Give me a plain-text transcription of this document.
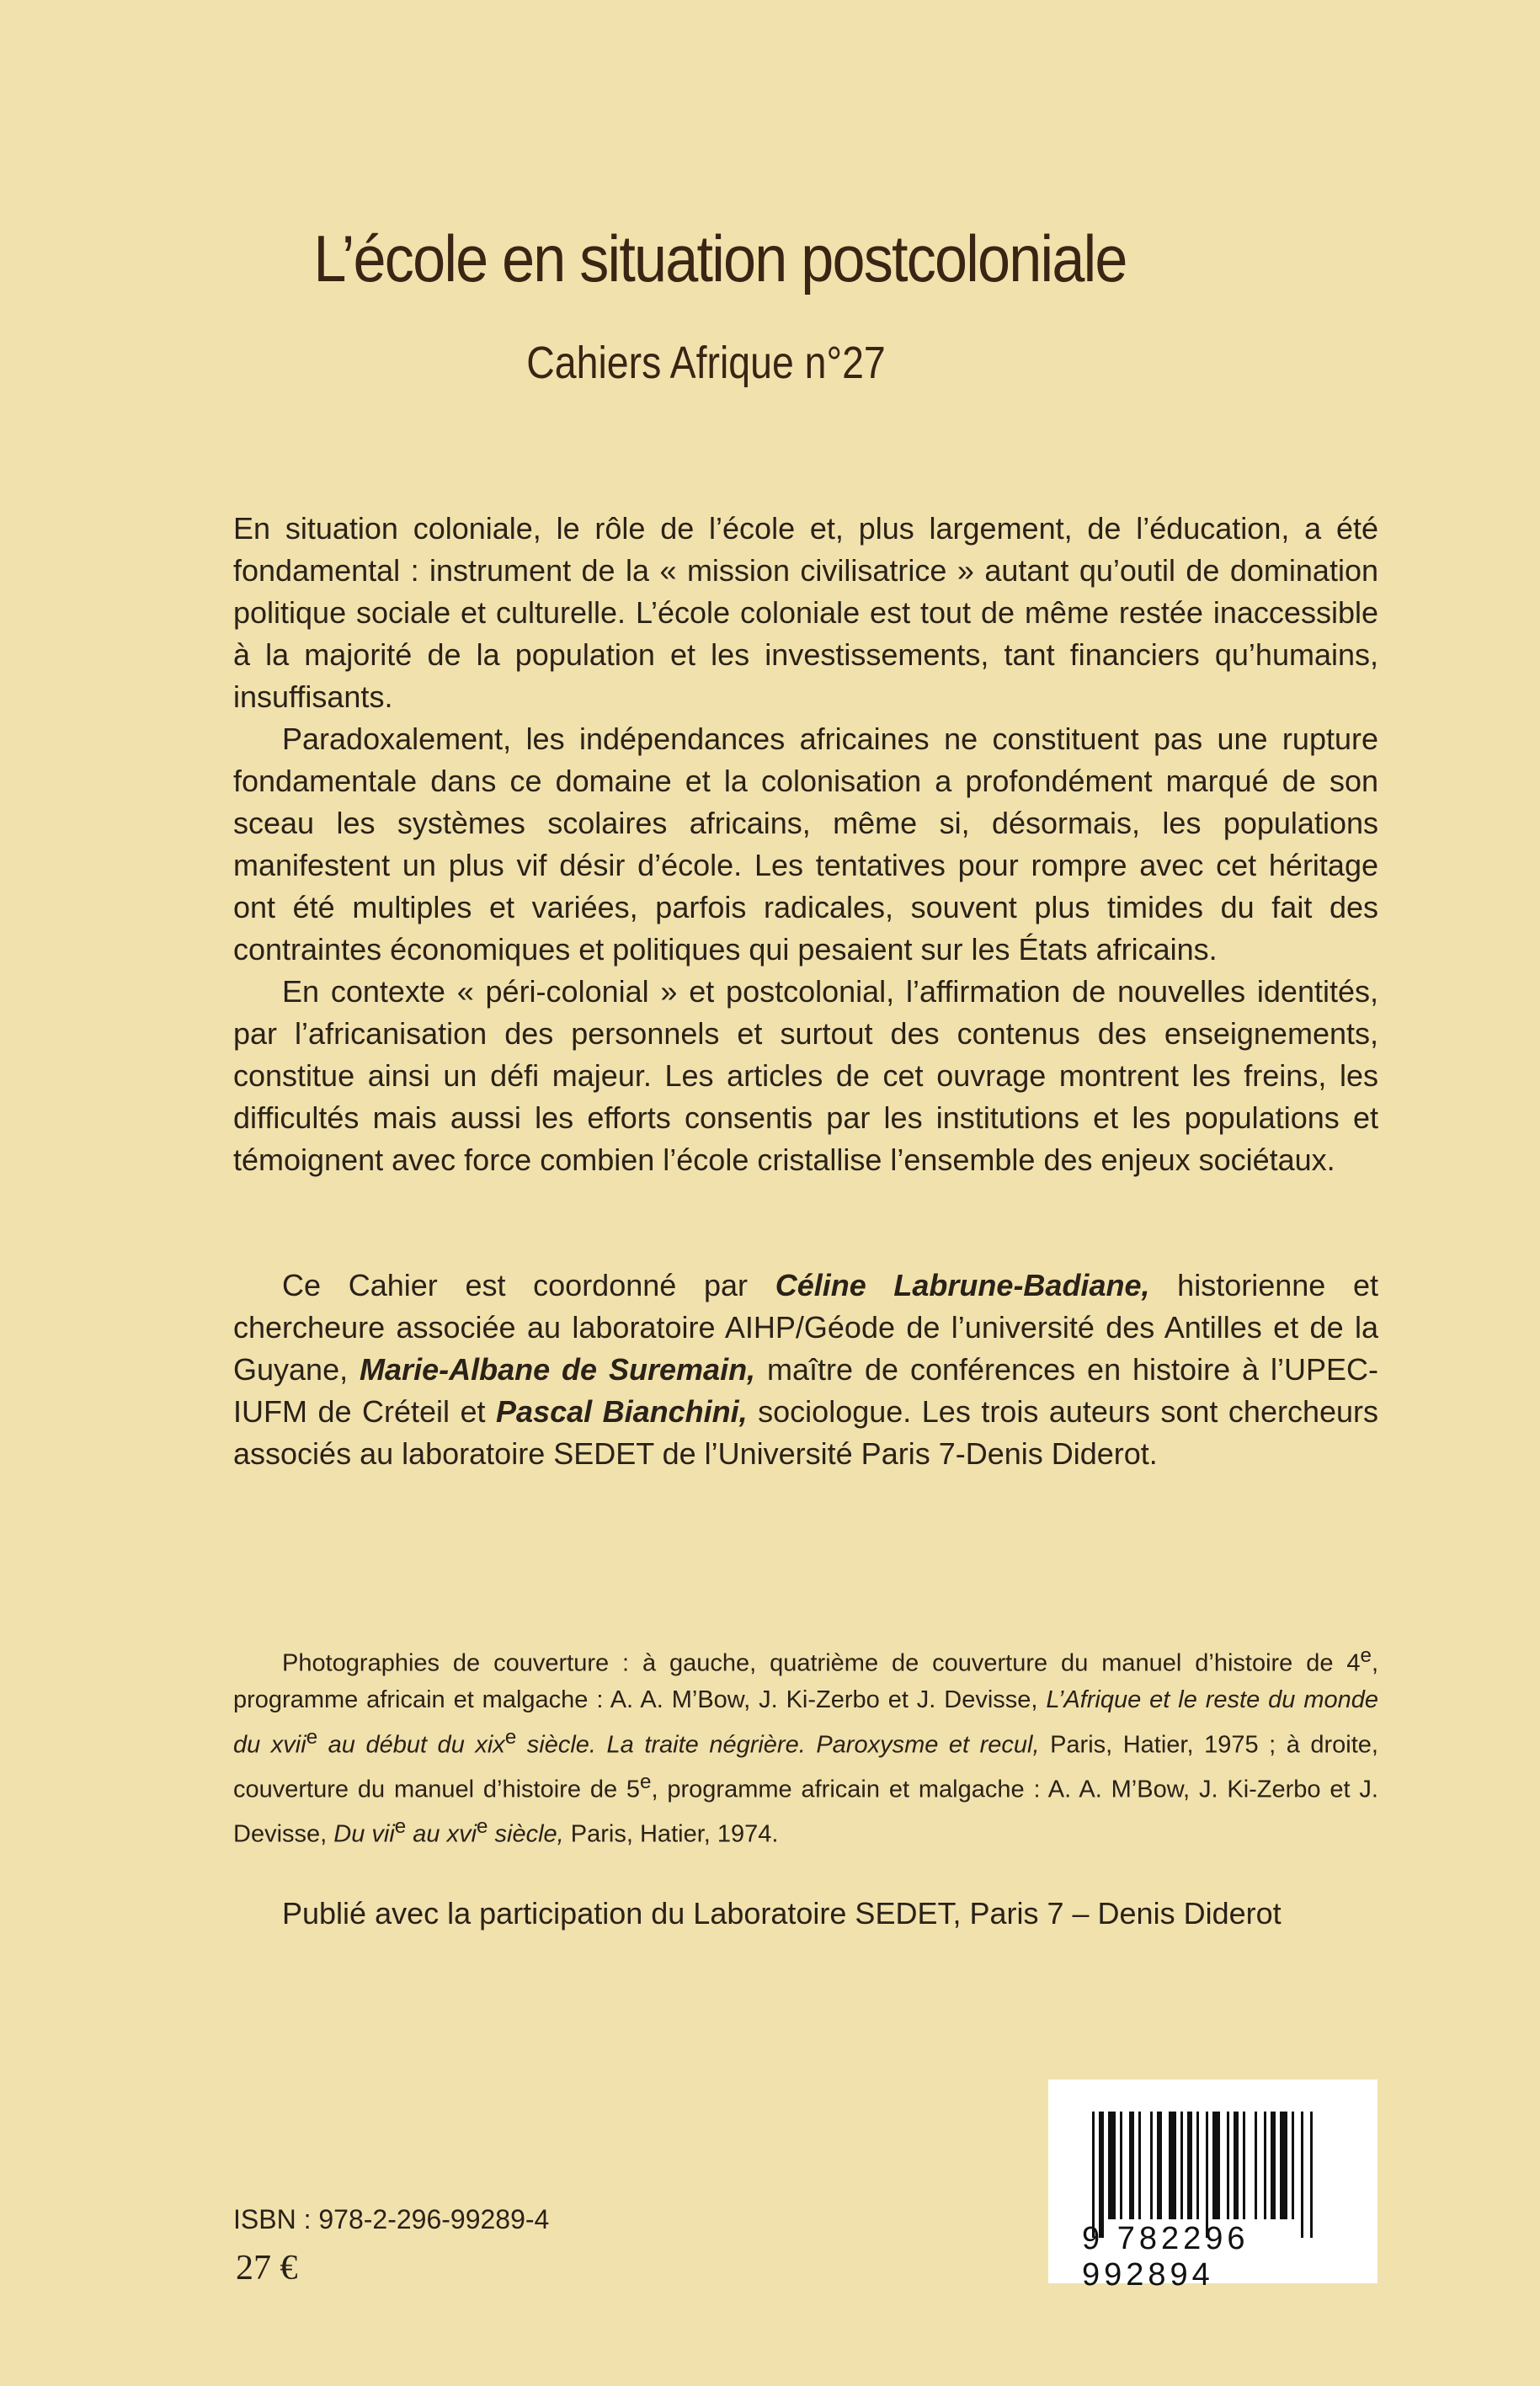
L’école en situation postcoloniale
Cahiers Afrique n°27

En situation coloniale, le rôle de l’école et, plus largement, de l’éducation, a été fondamental : instrument de la « mission civilisatrice » autant qu’outil de domination politique sociale et culturelle. L’école coloniale est tout de même restée inaccessible à la majorité de la population et les investissements, tant financiers qu’humains, insuffisants.

Paradoxalement, les indépendances africaines ne constituent pas une rupture fondamentale dans ce domaine et la colonisation a profondément marqué de son sceau les systèmes scolaires africains, même si, désormais, les populations manifestent un plus vif désir d’école. Les tentatives pour rompre avec cet héritage ont été multiples et variées, parfois radicales, souvent plus timides du fait des contraintes économiques et politiques qui pesaient sur les États africains.

En contexte « péri-colonial » et postcolonial, l’affirmation de nouvelles identités, par l’africanisation des personnels et surtout des contenus des enseignements, constitue ainsi un défi majeur. Les articles de cet ouvrage montrent les freins, les difficultés mais aussi les efforts consentis par les institutions et les populations et témoignent avec force combien l’école cristallise l’ensemble des enjeux sociétaux.

Ce Cahier est coordonné par Céline Labrune-Badiane, historienne et chercheure associée au laboratoire AIHP/Géode de l’université des Antilles et de la Guyane, Marie-Albane de Suremain, maître de conférences en histoire à l’UPEC-IUFM de Créteil et Pascal Bianchini, sociologue. Les trois auteurs sont chercheurs associés au laboratoire SEDET de l’Université Paris 7-Denis Diderot.

Photographies de couverture : à gauche, quatrième de couverture du manuel d’histoire de 4e, programme africain et malgache : A. A. M’Bow, J. Ki-Zerbo et J. Devisse, L’Afrique et le reste du monde du xvii$^e$ au début du xix$^e$ siècle. La traite négrière. Paroxysme et recul, Paris, Hatier, 1975 ; à droite, couverture du manuel d’histoire de 5e, programme africain et malgache : A. A. M’Bow, J. Ki-Zerbo et J. Devisse, Du vii$^e$ au xvi$^e$ siècle, Paris, Hatier, 1974.

Publié avec la participation du Laboratoire SEDET, Paris 7 – Denis Diderot
9 782296 992894
ISBN : 978-2-296-99289-4
27 €
